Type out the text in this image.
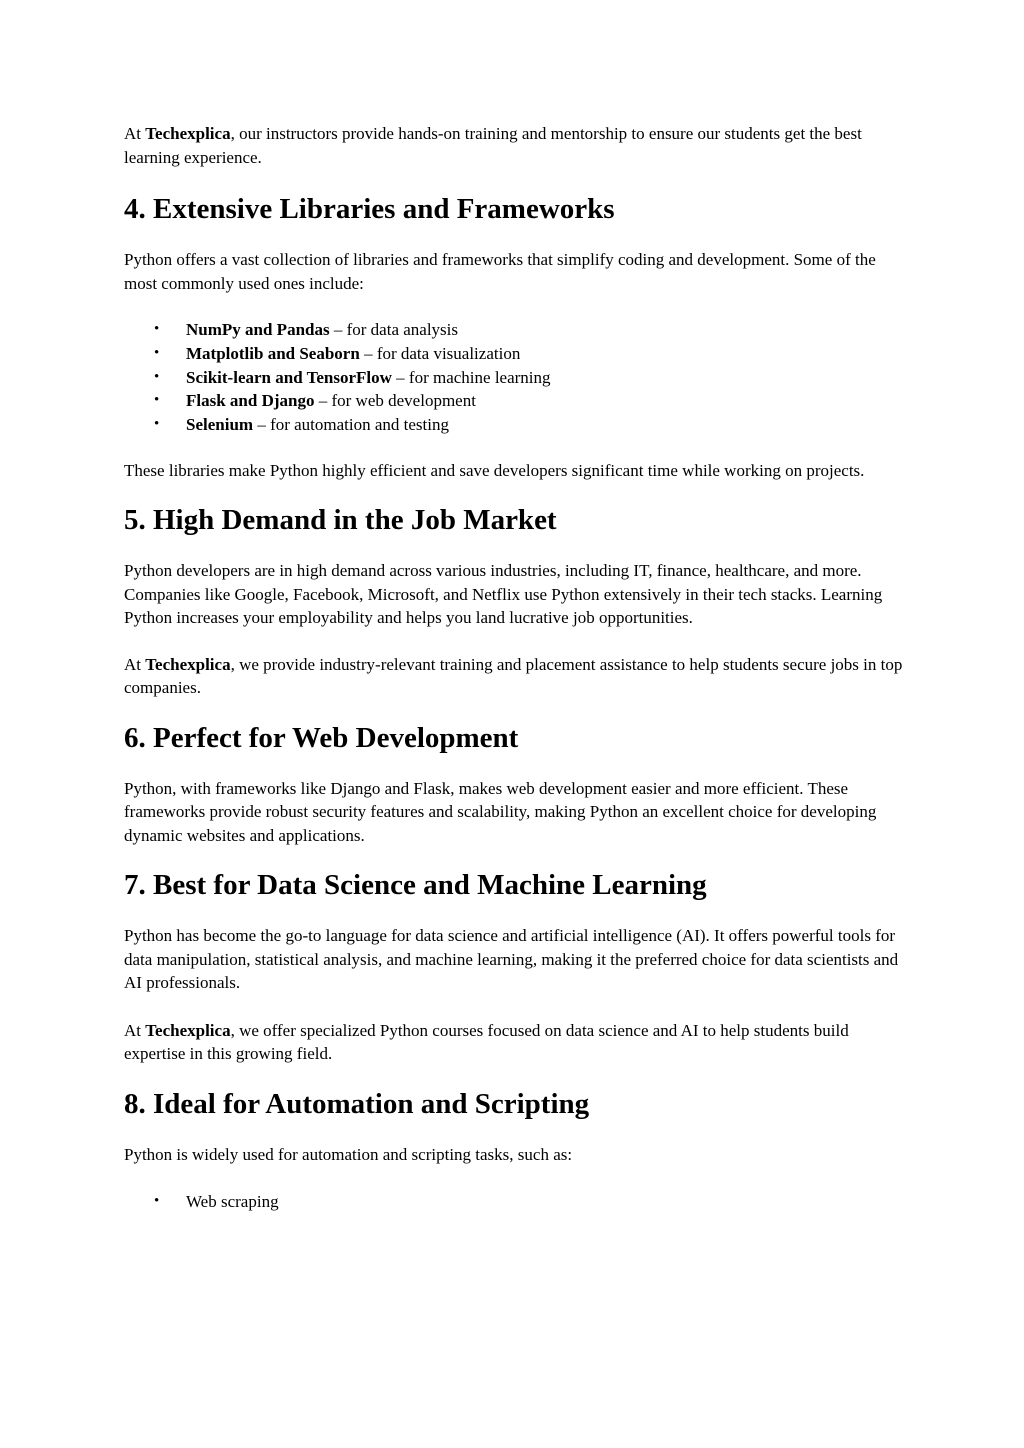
At Techexplica, our instructors provide hands-on training and mentorship to ensure our students get the best learning experience.

4. Extensive Libraries and Frameworks

Python offers a vast collection of libraries and frameworks that simplify coding and development. Some of the most commonly used ones include:

• NumPy and Pandas – for data analysis
• Matplotlib and Seaborn – for data visualization
• Scikit-learn and TensorFlow – for machine learning
• Flask and Django – for web development
• Selenium – for automation and testing

These libraries make Python highly efficient and save developers significant time while working on projects.

5. High Demand in the Job Market

Python developers are in high demand across various industries, including IT, finance, healthcare, and more. Companies like Google, Facebook, Microsoft, and Netflix use Python extensively in their tech stacks. Learning Python increases your employability and helps you land lucrative job opportunities.

At Techexplica, we provide industry-relevant training and placement assistance to help students secure jobs in top companies.

6. Perfect for Web Development

Python, with frameworks like Django and Flask, makes web development easier and more efficient. These frameworks provide robust security features and scalability, making Python an excellent choice for developing dynamic websites and applications.

7. Best for Data Science and Machine Learning

Python has become the go-to language for data science and artificial intelligence (AI). It offers powerful tools for data manipulation, statistical analysis, and machine learning, making it the preferred choice for data scientists and AI professionals.

At Techexplica, we offer specialized Python courses focused on data science and AI to help students build expertise in this growing field.

8. Ideal for Automation and Scripting

Python is widely used for automation and scripting tasks, such as:

• Web scraping
